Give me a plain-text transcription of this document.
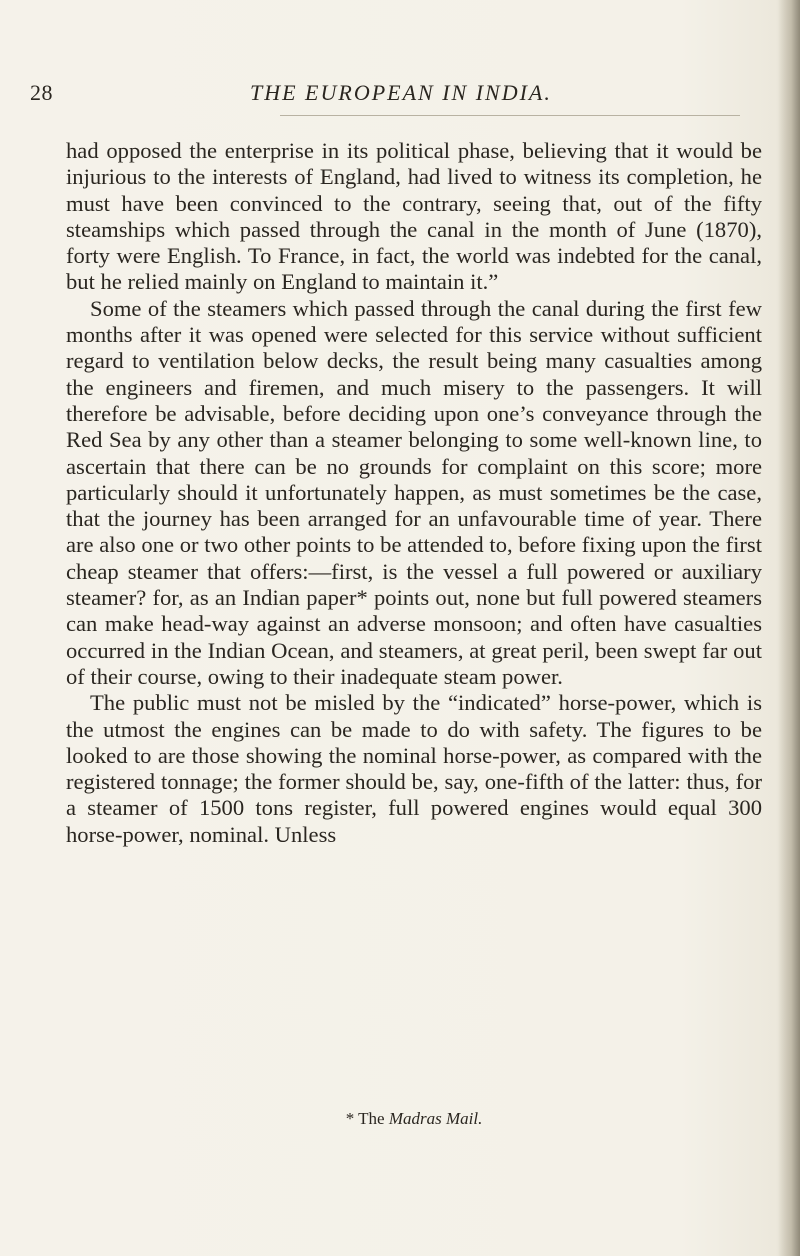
28	THE EUROPEAN IN INDIA.

had opposed the enterprise in its political phase, believing that it would be injurious to the interests of England, had lived to witness its completion, he must have been convinced to the contrary, seeing that, out of the fifty steamships which passed through the canal in the month of June (1870), forty were English. To France, in fact, the world was indebted for the canal, but he relied mainly on England to maintain it.”

Some of the steamers which passed through the canal during the first few months after it was opened were selected for this service without sufficient regard to ventilation below decks, the result being many casualties among the engineers and firemen, and much misery to the passengers. It will therefore be advisable, before deciding upon one’s conveyance through the Red Sea by any other than a steamer belonging to some well-known line, to ascertain that there can be no grounds for complaint on this score; more particularly should it unfortunately happen, as must sometimes be the case, that the journey has been arranged for an unfavourable time of year. There are also one or two other points to be attended to, before fixing upon the first cheap steamer that offers:—first, is the vessel a full powered or auxiliary steamer? for, as an Indian paper* points out, none but full powered steamers can make head-way against an adverse monsoon; and often have casualties occurred in the Indian Ocean, and steamers, at great peril, been swept far out of their course, owing to their inadequate steam power.

The public must not be misled by the “indicated” horse-power, which is the utmost the engines can be made to do with safety. The figures to be looked to are those showing the nominal horse-power, as compared with the registered tonnage; the former should be, say, one-fifth of the latter: thus, for a steamer of 1500 tons register, full powered engines would equal 300 horse-power, nominal. Unless

* The Madras Mail.
